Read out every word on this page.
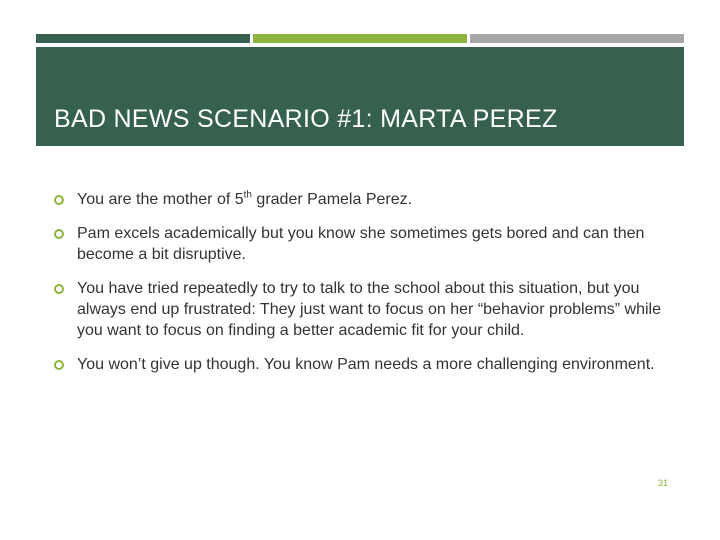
BAD NEWS SCENARIO #1: MARTA PEREZ
You are the mother of 5th grader Pamela Perez.
Pam excels academically but you know she sometimes gets bored and can then become a bit disruptive.
You have tried repeatedly to try to talk to the school about this situation, but you always end up frustrated: They just want to focus on her “behavior problems” while you want to focus on finding a better academic fit for your child.
You won’t give up though. You know Pam needs a more challenging environment.
31
